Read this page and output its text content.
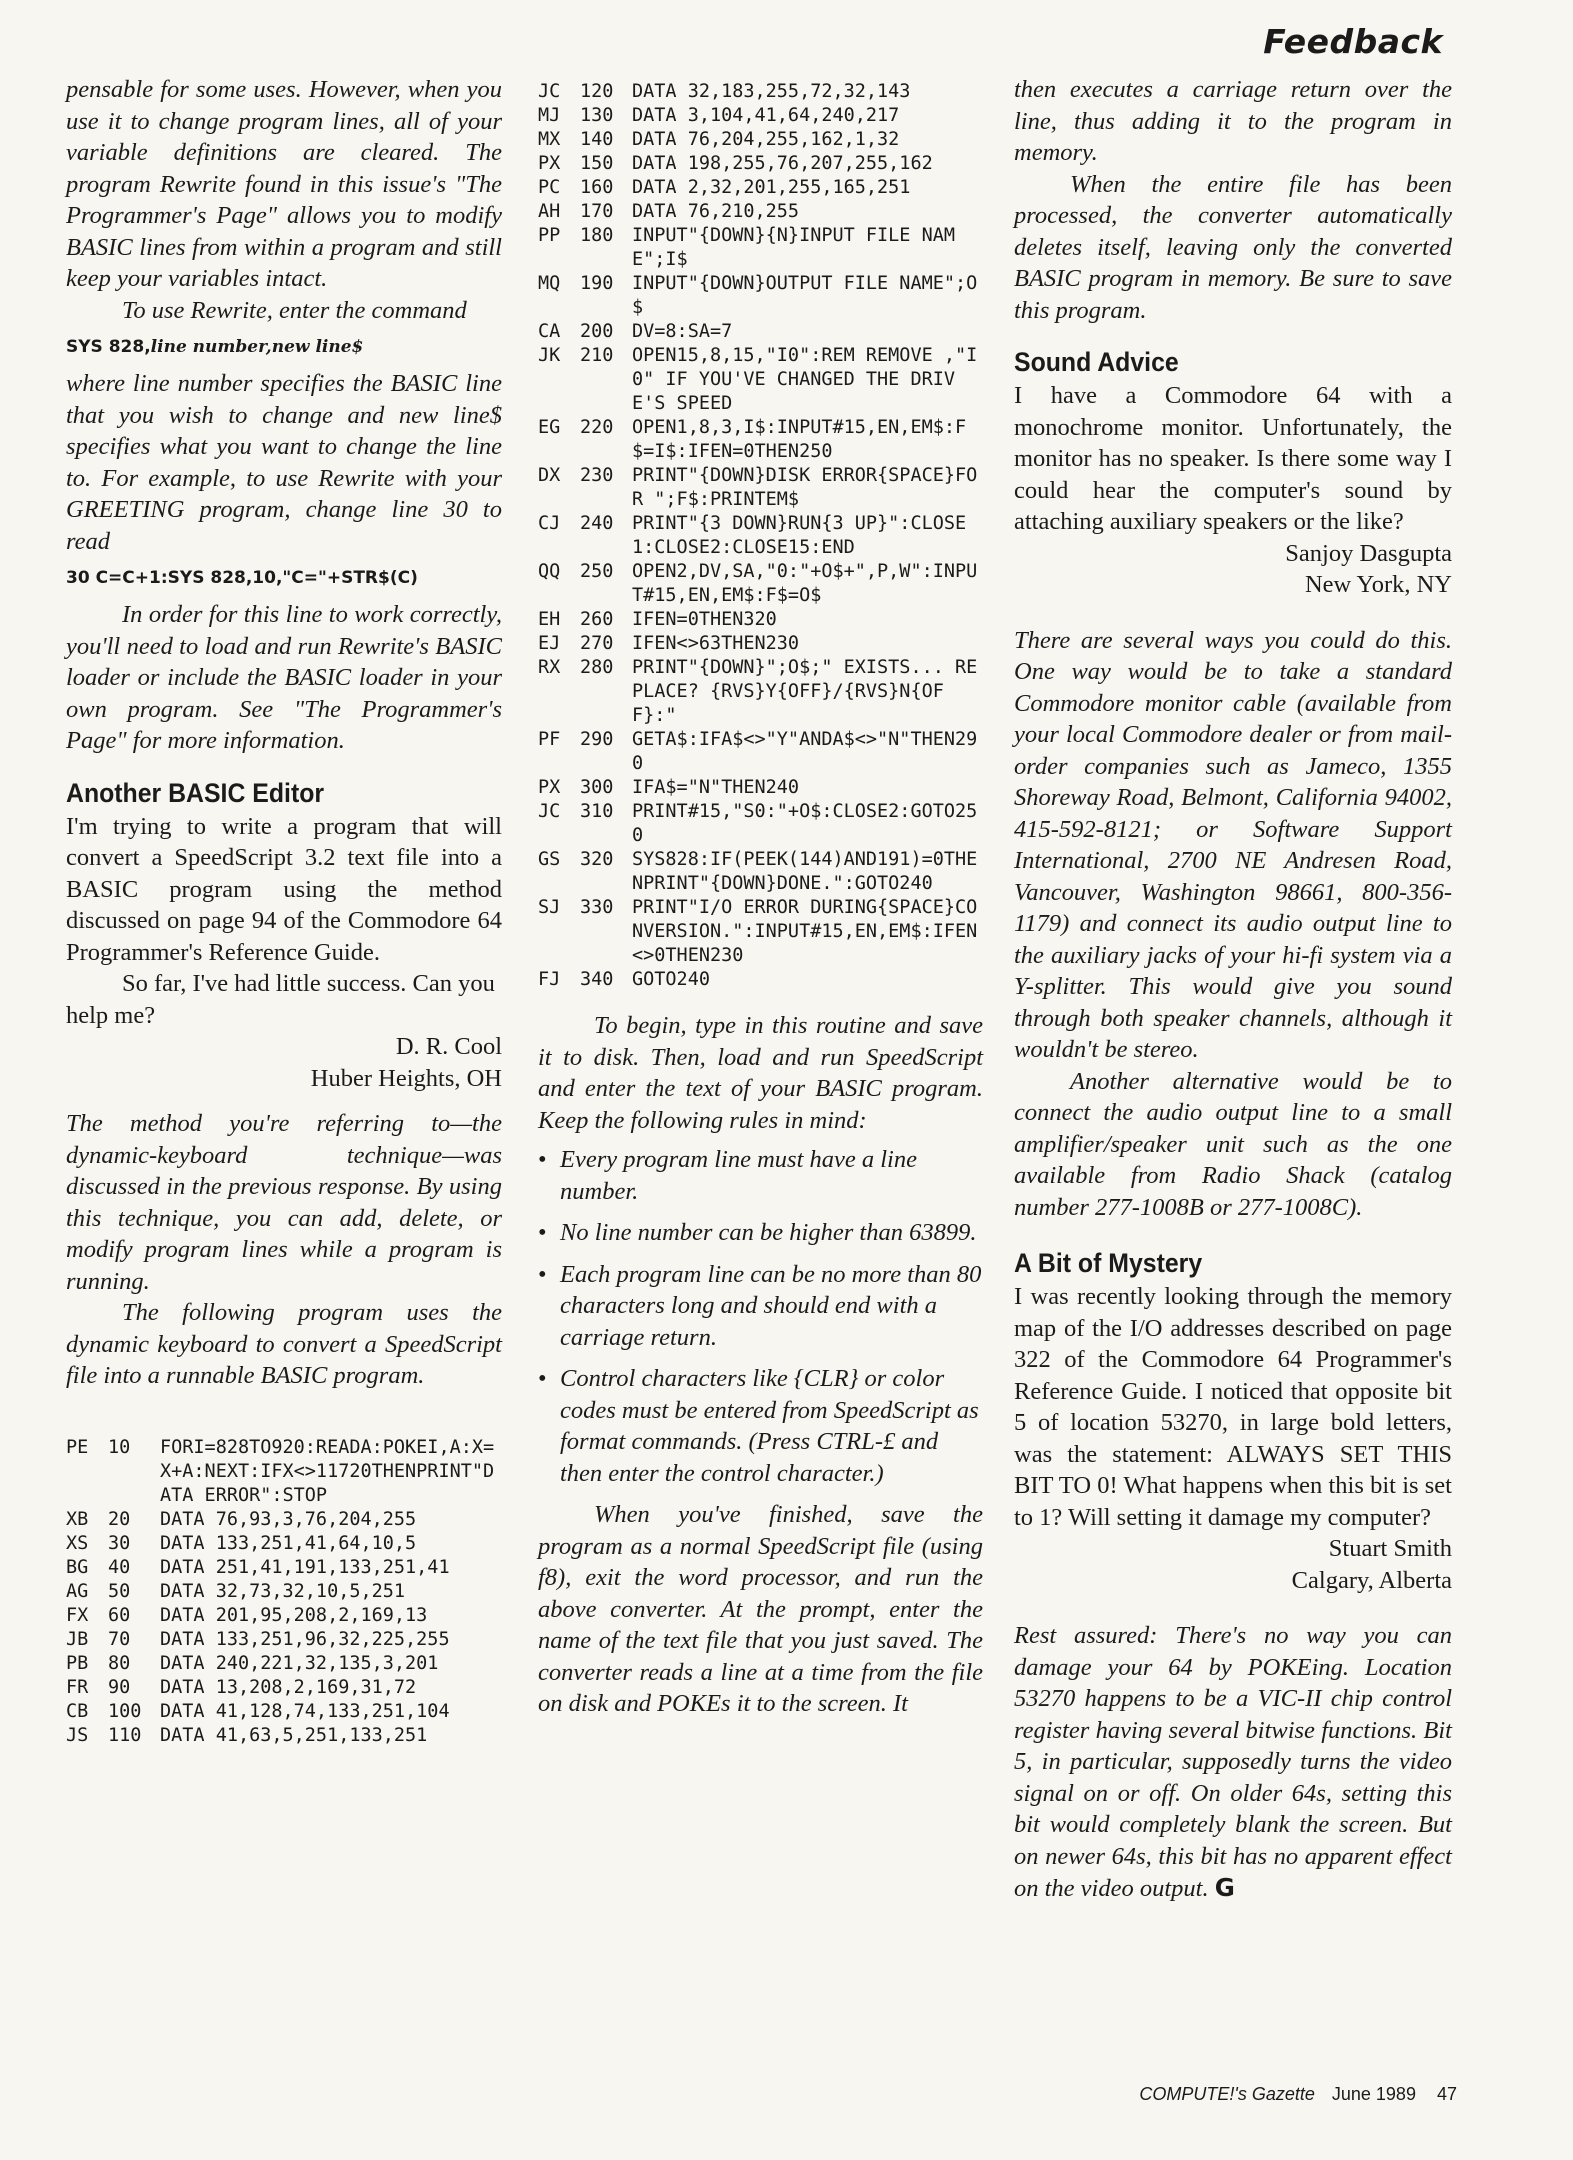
Feedback

pensable for some uses. However, when you use it to change program lines, all of your variable definitions are cleared. The program Rewrite found in this issue's "The Programmer's Page" allows you to modify BASIC lines from within a program and still keep your variables intact.

To use Rewrite, enter the command

SYS 828,line number,new line$

where line number specifies the BASIC line that you wish to change and new line$ specifies what you want to change the line to. For example, to use Rewrite with your GREETING program, change line 30 to read

30 C=C+1:SYS 828,10,"C="+STR$(C)

In order for this line to work correctly, you'll need to load and run Rewrite's BASIC loader or include the BASIC loader in your own program. See "The Programmer's Page" for more information.

Another BASIC Editor

I'm trying to write a program that will convert a SpeedScript 3.2 text file into a BASIC program using the method discussed on page 94 of the Commodore 64 Programmer's Reference Guide.

So far, I've had little success. Can you help me?

D. R. Cool

Huber Heights, OH

The method you're referring to—the dynamic-keyboard technique—was discussed in the previous response. By using this technique, you can add, delete, or modify program lines while a program is running.

The following program uses the dynamic keyboard to convert a SpeedScript file into a runnable BASIC program.

PE	10	FORI=828TO920:READA:POKEI,A:X=X+A:NEXT:IFX<>11720THENPRINT"DATA ERROR":STOP
XB	20	DATA 76,93,3,76,204,255
XS	30	DATA 133,251,41,64,10,5
BG	40	DATA 251,41,191,133,251,41
AG	50	DATA 32,73,32,10,5,251
FX	60	DATA 201,95,208,2,169,13
JB	70	DATA 133,251,96,32,225,255
PB	80	DATA 240,221,32,135,3,201
FR	90	DATA 13,208,2,169,31,72
CB	100	DATA 41,128,74,133,251,104
JS	110	DATA 41,63,5,251,133,251
JC	120	DATA 32,183,255,72,32,143
MJ	130	DATA 3,104,41,64,240,217
MX	140	DATA 76,204,255,162,1,32
PX	150	DATA 198,255,76,207,255,162
PC	160	DATA 2,32,201,255,165,251
AH	170	DATA 76,210,255
PP	180	INPUT"{DOWN}{N}INPUT FILE NAME";I$
MQ	190	INPUT"{DOWN}OUTPUT FILE NAME";O$
CA	200	DV=8:SA=7
JK	210	OPEN15,8,15,"I0":REM REMOVE ,"I0" IF YOU'VE CHANGED THE DRIVE'S SPEED
EG	220	OPEN1,8,3,I$:INPUT#15,EN,EM$:F$=I$:IFEN=0THEN250
DX	230	PRINT"{DOWN}DISK ERROR{SPACE}FOR ";F$:PRINTEM$
CJ	240	PRINT"{3 DOWN}RUN{3 UP}":CLOSE1:CLOSE2:CLOSE15:END
QQ	250	OPEN2,DV,SA,"0:"+O$+",P,W":INPUT#15,EN,EM$:F$=O$
EH	260	IFEN=0THEN320
EJ	270	IFEN<>63THEN230
RX	280	PRINT"{DOWN}";O$;" EXISTS... REPLACE? {RVS}Y{OFF}/{RVS}N{OFF}:"
PF	290	GETA$:IFA$<>"Y"ANDA$<>"N"THEN290
PX	300	IFA$="N"THEN240
JC	310	PRINT#15,"S0:"+O$:CLOSE2:GOTO250
GS	320	SYS828:IF(PEEK(144)AND191)=0THENPRINT"{DOWN}DONE.":GOTO240
SJ	330	PRINT"I/O ERROR DURING{SPACE}CONVERSION.":INPUT#15,EN,EM$:IFEN<>0THEN230
FJ	340	GOTO240

To begin, type in this routine and save it to disk. Then, load and run SpeedScript and enter the text of your BASIC program. Keep the following rules in mind:

• Every program line must have a line number.
• No line number can be higher than 63899.
• Each program line can be no more than 80 characters long and should end with a carriage return.
• Control characters like {CLR} or color codes must be entered from SpeedScript as format commands. (Press CTRL-£ and then enter the control character.)

When you've finished, save the program as a normal SpeedScript file (using f8), exit the word processor, and run the above converter. At the prompt, enter the name of the text file that you just saved. The converter reads a line at a time from the file on disk and POKEs it to the screen. It

then executes a carriage return over the line, thus adding it to the program in memory.

When the entire file has been processed, the converter automatically deletes itself, leaving only the converted BASIC program in memory. Be sure to save this program.

Sound Advice

I have a Commodore 64 with a monochrome monitor. Unfortunately, the monitor has no speaker. Is there some way I could hear the computer's sound by attaching auxiliary speakers or the like?

Sanjoy Dasgupta

New York, NY

There are several ways you could do this. One way would be to take a standard Commodore monitor cable (available from your local Commodore dealer or from mail-order companies such as Jameco, 1355 Shoreway Road, Belmont, California 94002, 415-592-8121; or Software Support International, 2700 NE Andresen Road, Vancouver, Washington 98661, 800-356-1179) and connect its audio output line to the auxiliary jacks of your hi-fi system via a Y-splitter. This would give you sound through both speaker channels, although it wouldn't be stereo.

Another alternative would be to connect the audio output line to a small amplifier/speaker unit such as the one available from Radio Shack (catalog number 277-1008B or 277-1008C).

A Bit of Mystery

I was recently looking through the memory map of the I/O addresses described on page 322 of the Commodore 64 Programmer's Reference Guide. I noticed that opposite bit 5 of location 53270, in large bold letters, was the statement: ALWAYS SET THIS BIT TO 0! What happens when this bit is set to 1? Will setting it damage my computer?

Stuart Smith

Calgary, Alberta

Rest assured: There's no way you can damage your 64 by POKEing. Location 53270 happens to be a VIC-II chip control register having several bitwise functions. Bit 5, in particular, supposedly turns the video signal on or off. On older 64s, setting this bit would completely blank the screen. But on newer 64s, this bit has no apparent effect on the video output. G

COMPUTE!'s Gazette June 1989 47
